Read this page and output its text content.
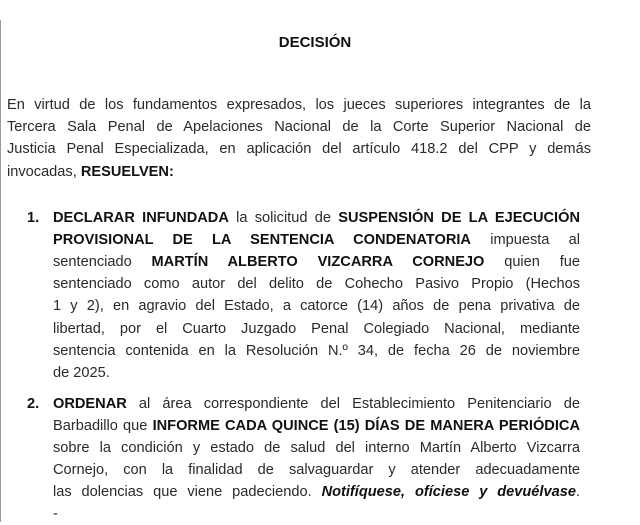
DECISIÓN
En virtud de los fundamentos expresados, los jueces superiores integrantes de la
Tercera Sala Penal de Apelaciones Nacional de la Corte Superior Nacional de
Justicia Penal Especializada, en aplicación del artículo 418.2 del CPP y demás
invocadas, RESUELVEN:
1. DECLARAR INFUNDADA la solicitud de SUSPENSIÓN DE LA EJECUCIÓN
PROVISIONAL DE LA SENTENCIA CONDENATORIA impuesta al
sentenciado MARTÍN ALBERTO VIZCARRA CORNEJO quien fue
sentenciado como autor del delito de Cohecho Pasivo Propio (Hechos
1 y 2), en agravio del Estado, a catorce (14) años de pena privativa de
libertad, por el Cuarto Juzgado Penal Colegiado Nacional, mediante
sentencia contenida en la Resolución N.º 34, de fecha 26 de noviembre
de 2025.
2. ORDENAR al área correspondiente del Establecimiento Penitenciario de
Barbadillo que INFORME CADA QUINCE (15) DÍAS DE MANERA PERIÓDICA
sobre la condición y estado de salud del interno Martín Alberto Vizcarra
Cornejo, con la finalidad de salvaguardar y atender adecuadamente
las dolencias que viene padeciendo. Notifíquese, ofíciese y devuélvase.
-
